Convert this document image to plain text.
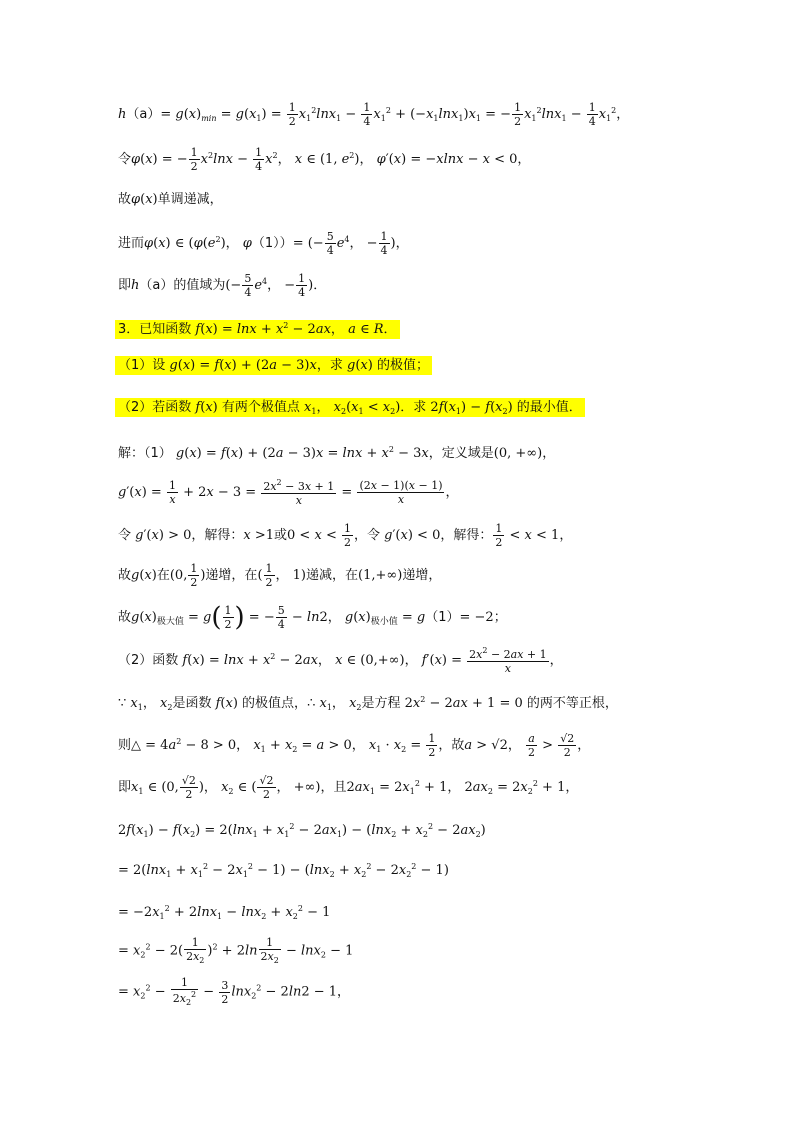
$h(a)= g(x)_{min} = g(x_1) = \frac{1}{2} x_1^2\ln x_1 - \frac{1}{4} x_1^2 + (-x_1\ln x_1)x_1$ = − $\frac{1}{2} x_1^2\ln x_1 - \frac{1}{4} x_1^2$，
令φ(x) = − $\frac{1}{2} x^2\ln x - \frac{1}{4} x^2$， x ∈ (1, $e^2$)， φ′(x) = −xlnx − x < 0，
故φ(x)单调递减，
进而φ(x) ∈ ($\varphi(e^2)$， φ（1））= (− $\frac{5}{4} e^4$， − $\frac{1}{4}$ )，
即h（a）的值域为(− $\frac{5}{4} e^4$， − $\frac{1}{4}$ )．
3．已知函数 $f(x) = \ln x + x^2 - 2ax$， a ∈ R．
（1）设 g(x) = f(x) + (2a − 3)x，求 g(x) 的极值；
（2）若函数 f(x) 有两个极值点 $x_1$， $x_2(x_1 < x_2)$．求 $2f(x_1) - f(x_2)$ 的最小值．
解：（1） $g(x) = f(x) + (2a - 3)x = \ln x + x^2 - 3x$，定义域是(0, +∞)，
$g'(x) = \frac{1}{x} + 2x - 3 = \frac{2x^2 - 3x + 1}{x} = \frac{(2x - 1)(x - 1)}{x}$ ，
令 g′(x) > 0，解得：x >1或$0 < x < \frac{1}{2}$ ，令 g′(x) < 0，解得： $\frac{1}{2} < x < 1$，
故g(x)在(0, $\frac{1}{2}$ )递增，在( $\frac{1}{2}$ ， 1)递减，在(1,+∞)递增，
故$g(x)_{极大值} = g( \frac{1}{2}$ ) = − $\frac{5}{4} - \ln 2$， $g(x)_{极小值} = g(1)= -2$；
（2）函数 $f(x) = \ln x + x^2 - 2ax$， x ∈ (0,+∞)， $f'(x) = \frac{2x^2 - 2ax + 1}{x}$ ，
∵ $x_1$， $x_2$是函数 f(x) 的极值点，∴ $x_1$， $x_2$是方程 $2x^2 - 2ax + 1 = 0$ 的两不等正根，
则△ = $4a^2 - 8 > 0$， $x_1 + x_2 = a > 0$， $x_1 \cdot x_2 = \frac{1}{2}$ ，故a > √2， $\frac{a}{2} > \frac{√2}{2}$ ，
即$x_1$ ∈ (0, $\frac{√2}{2}$ )， $x_2$ ∈ ( $\frac{√2}{2}$ ， +∞)，且$2ax_1 = 2x_1^2 + 1$， $2ax_2 = 2x_2^2 + 1$，
$2f(x_1) - f(x_2) = 2(\ln x_1 + x_1^2 - 2ax_1) - (\ln x_2 + x_2^2 - 2ax_2)$
= $2(\ln x_1 + x_1^2 - 2x_1^2 - 1) - (\ln x_2 + x_2^2 - 2x_2^2 - 1)$
= $-2x_1^2 + 2\ln x_1 - \ln x_2 + x_2^2 - 1$
= $x_2^2 - 2( \frac{1}{2x_2} )^2 + 2\ln \frac{1}{2x_2} - \ln x_2 - 1$
= $x_2^2 - \frac{1}{2x_2^2} - \frac{3}{2} \ln x_2^2 - 2\ln 2 - 1$，
